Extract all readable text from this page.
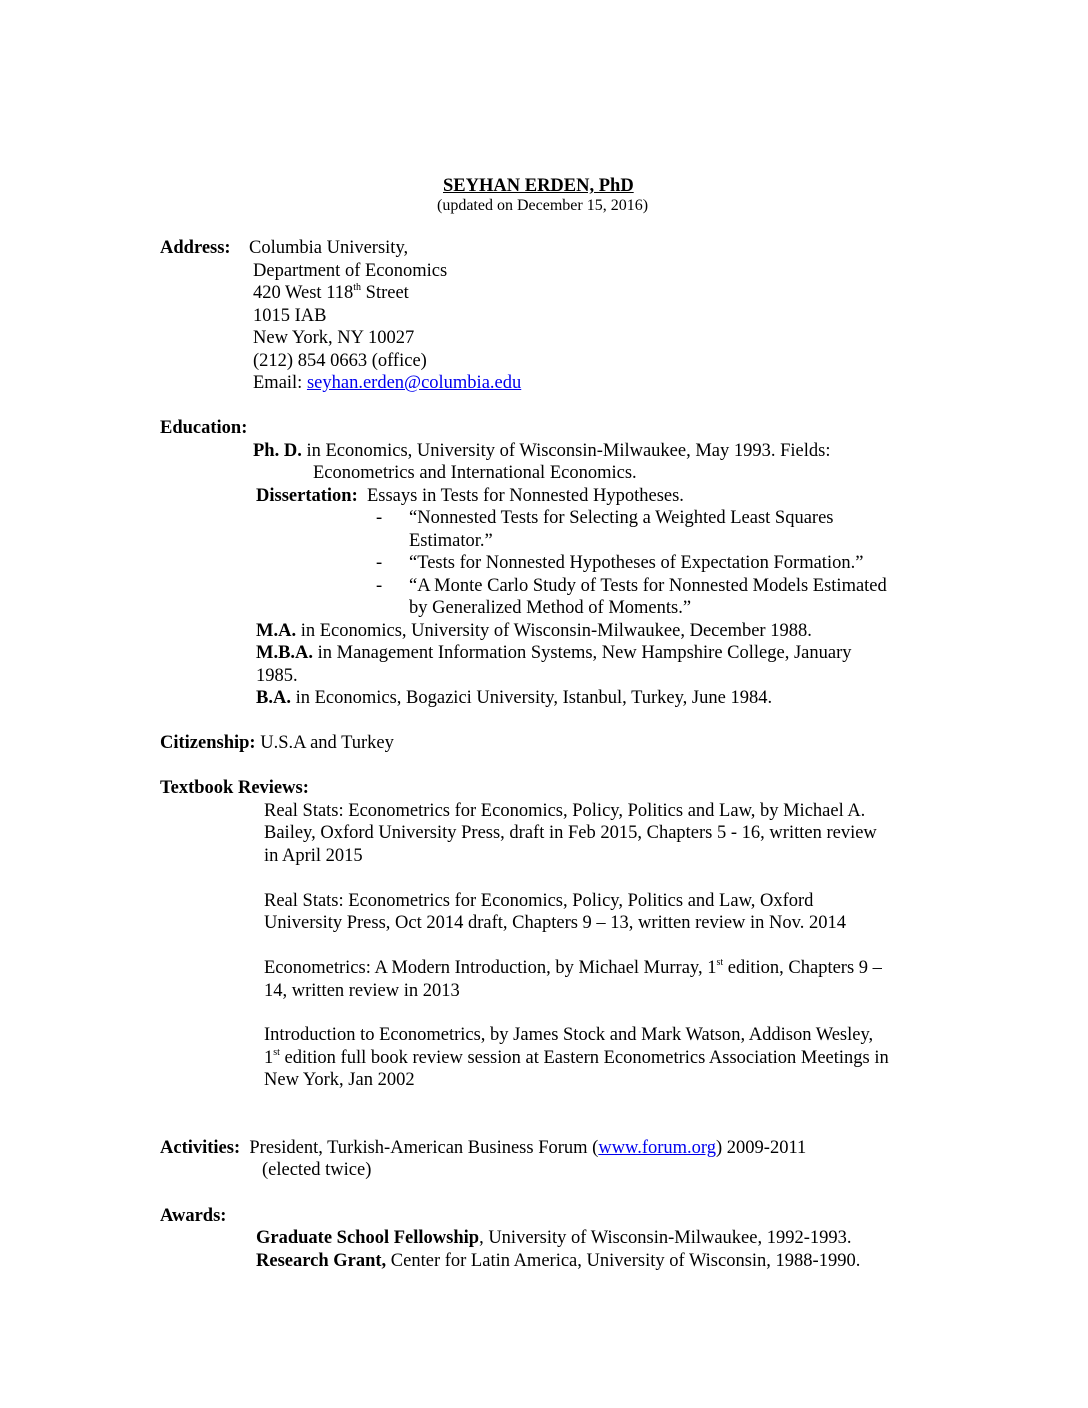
SEYHAN ERDEN, PhD
(updated on December 15, 2016)
Address: Columbia University,
Department of Economics
420 West 118th Street
1015 IAB
New York, NY 10027
(212) 854 0663 (office)
Email: seyhan.erden@columbia.edu
Education:
Ph. D. in Economics, University of Wisconsin-Milwaukee, May 1993. Fields:
Econometrics and International Economics.
Dissertation: Essays in Tests for Nonnested Hypotheses.
- “Nonnested Tests for Selecting a Weighted Least Squares
Estimator.”
- “Tests for Nonnested Hypotheses of Expectation Formation.”
- “A Monte Carlo Study of Tests for Nonnested Models Estimated
by Generalized Method of Moments.”
M.A. in Economics, University of Wisconsin-Milwaukee, December 1988.
M.B.A. in Management Information Systems, New Hampshire College, January
1985.
B.A. in Economics, Bogazici University, Istanbul, Turkey, June 1984.
Citizenship: U.S.A and Turkey
Textbook Reviews:
Real Stats: Econometrics for Economics, Policy, Politics and Law, by Michael A.
Bailey, Oxford University Press, draft in Feb 2015, Chapters 5 - 16, written review
in April 2015
Real Stats: Econometrics for Economics, Policy, Politics and Law, Oxford
University Press, Oct 2014 draft, Chapters 9 – 13, written review in Nov. 2014
Econometrics: A Modern Introduction, by Michael Murray, 1st edition, Chapters 9 –
14, written review in 2013
Introduction to Econometrics, by James Stock and Mark Watson, Addison Wesley,
1st edition full book review session at Eastern Econometrics Association Meetings in
New York, Jan 2002
Activities: President, Turkish-American Business Forum (www.forum.org) 2009-2011
(elected twice)
Awards:
Graduate School Fellowship, University of Wisconsin-Milwaukee, 1992-1993.
Research Grant, Center for Latin America, University of Wisconsin, 1988-1990.
